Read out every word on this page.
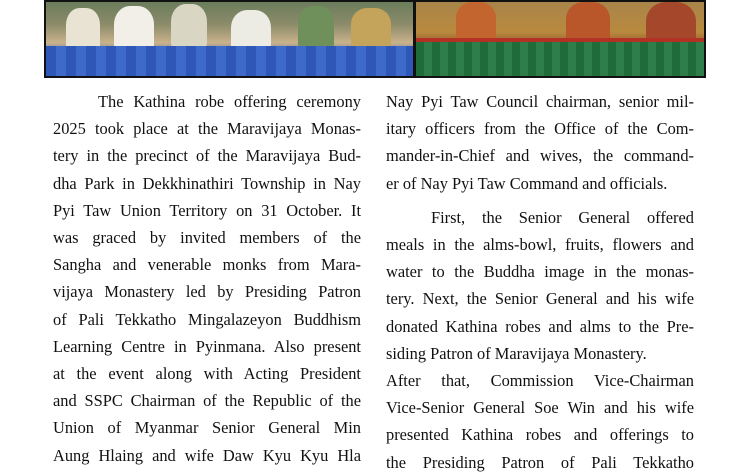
The Kathina robe offering ceremony
2025 took place at the Maravijaya Monas-
tery in the precinct of the Maravijaya Bud-
dha Park in Dekkhinathiri Township in Nay
Pyi Taw Union Territory on 31 October. It
was graced by invited members of the
Sangha and venerable monks from Mara-
vijaya Monastery led by Presiding Patron
of Pali Tekkatho Mingalazeyon Buddhism
Learning Centre in Pyinmana. Also present
at the event along with Acting President
and SSPC Chairman of the Republic of the
Union of Myanmar Senior General Min
Aung Hlaing and wife Daw Kyu Kyu Hla

Nay Pyi Taw Council chairman, senior mil-
itary officers from the Office of the Com-
mander-in-Chief and wives, the command-
er of Nay Pyi Taw Command and officials.

First, the Senior General offered
meals in the alms-bowl, fruits, flowers and
water to the Buddha image in the monas-
tery. Next, the Senior General and his wife
donated Kathina robes and alms to the Pre-
siding Patron of Maravijaya Monastery.
After that, Commission Vice-Chairman
Vice-Senior General Soe Win and his wife
presented Kathina robes and offerings to
the Presiding Patron of Pali Tekkatho
